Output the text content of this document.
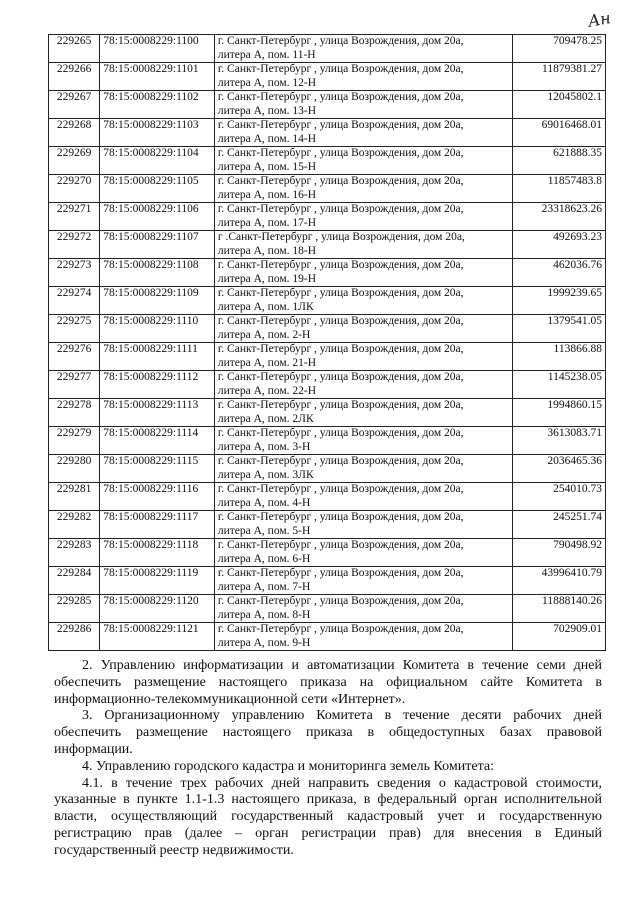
Ан
229265	78:15:0008229:1100	г. Санкт-Петербург , улица Возрождения, дом 20а,
литера А, пом. 11-Н	709478.25
229266	78:15:0008229:1101	г. Санкт-Петербург , улица Возрождения, дом 20а,
литера А, пом. 12-Н	11879381.27
229267	78:15:0008229:1102	г. Санкт-Петербург , улица Возрождения, дом 20а,
литера А, пом. 13-Н	12045802.1
229268	78:15:0008229:1103	г. Санкт-Петербург , улица Возрождения, дом 20а,
литера А, пом. 14-Н	69016468.01
229269	78:15:0008229:1104	г. Санкт-Петербург , улица Возрождения, дом 20а,
литера А, пом. 15-Н	621888.35
229270	78:15:0008229:1105	г. Санкт-Петербург , улица Возрождения, дом 20а,
литера А, пом. 16-Н	11857483.8
229271	78:15:0008229:1106	г. Санкт-Петербург , улица Возрождения, дом 20а,
литера А, пом. 17-Н	23318623.26
229272	78:15:0008229:1107	г .Санкт-Петербург , улица Возрождения, дом 20а,
литера А, пом. 18-Н	492693.23
229273	78:15:0008229:1108	г. Санкт-Петербург , улица Возрождения, дом 20а,
литера А, пом. 19-Н	462036.76
229274	78:15:0008229:1109	г. Санкт-Петербург , улица Возрождения, дом 20а,
литера А, пом. 1ЛК	1999239.65
229275	78:15:0008229:1110	г. Санкт-Петербург , улица Возрождения, дом 20а,
литера А, пом. 2-Н	1379541.05
229276	78:15:0008229:1111	г. Санкт-Петербург , улица Возрождения, дом 20а,
литера А, пом. 21-Н	113866.88
229277	78:15:0008229:1112	г. Санкт-Петербург , улица Возрождения, дом 20а,
литера А, пом. 22-Н	1145238.05
229278	78:15:0008229:1113	г. Санкт-Петербург , улица Возрождения, дом 20а,
литера А, пом. 2ЛК	1994860.15
229279	78:15:0008229:1114	г. Санкт-Петербург , улица Возрождения, дом 20а,
литера А, пом. 3-Н	3613083.71
229280	78:15:0008229:1115	г. Санкт-Петербург , улица Возрождения, дом 20а,
литера А, пом. 3ЛК	2036465.36
229281	78:15:0008229:1116	г. Санкт-Петербург , улица Возрождения, дом 20а,
литера А, пом. 4-Н	254010.73
229282	78:15:0008229:1117	г. Санкт-Петербург , улица Возрождения, дом 20а,
литера А, пом. 5-Н	245251.74
229283	78:15:0008229:1118	г. Санкт-Петербург , улица Возрождения, дом 20а,
литера А, пом. 6-Н	790498.92
229284	78:15:0008229:1119	г. Санкт-Петербург , улица Возрождения, дом 20а,
литера А, пом. 7-Н	43996410.79
229285	78:15:0008229:1120	г. Санкт-Петербург , улица Возрождения, дом 20а,
литера А, пом. 8-Н	11888140.26
229286	78:15:0008229:1121	г. Санкт-Петербург , улица Возрождения, дом 20а,
литера А, пом. 9-Н	702909.01

2. Управлению информатизации и автоматизации Комитета в течение семи дней обеспечить размещение настоящего приказа на официальном сайте Комитета в информационно-телекоммуникационной сети «Интернет».

3. Организационному управлению Комитета в течение десяти рабочих дней обеспечить размещение настоящего приказа в общедоступных базах правовой информации.

4. Управлению городского кадастра и мониторинга земель Комитета:

4.1. в течение трех рабочих дней направить сведения о кадастровой стоимости, указанные в пункте 1.1-1.3 настоящего приказа, в федеральный орган исполнительной власти, осуществляющий государственный кадастровый учет и государственную регистрацию прав (далее – орган регистрации прав) для внесения в Единый государственный реестр недвижимости.
